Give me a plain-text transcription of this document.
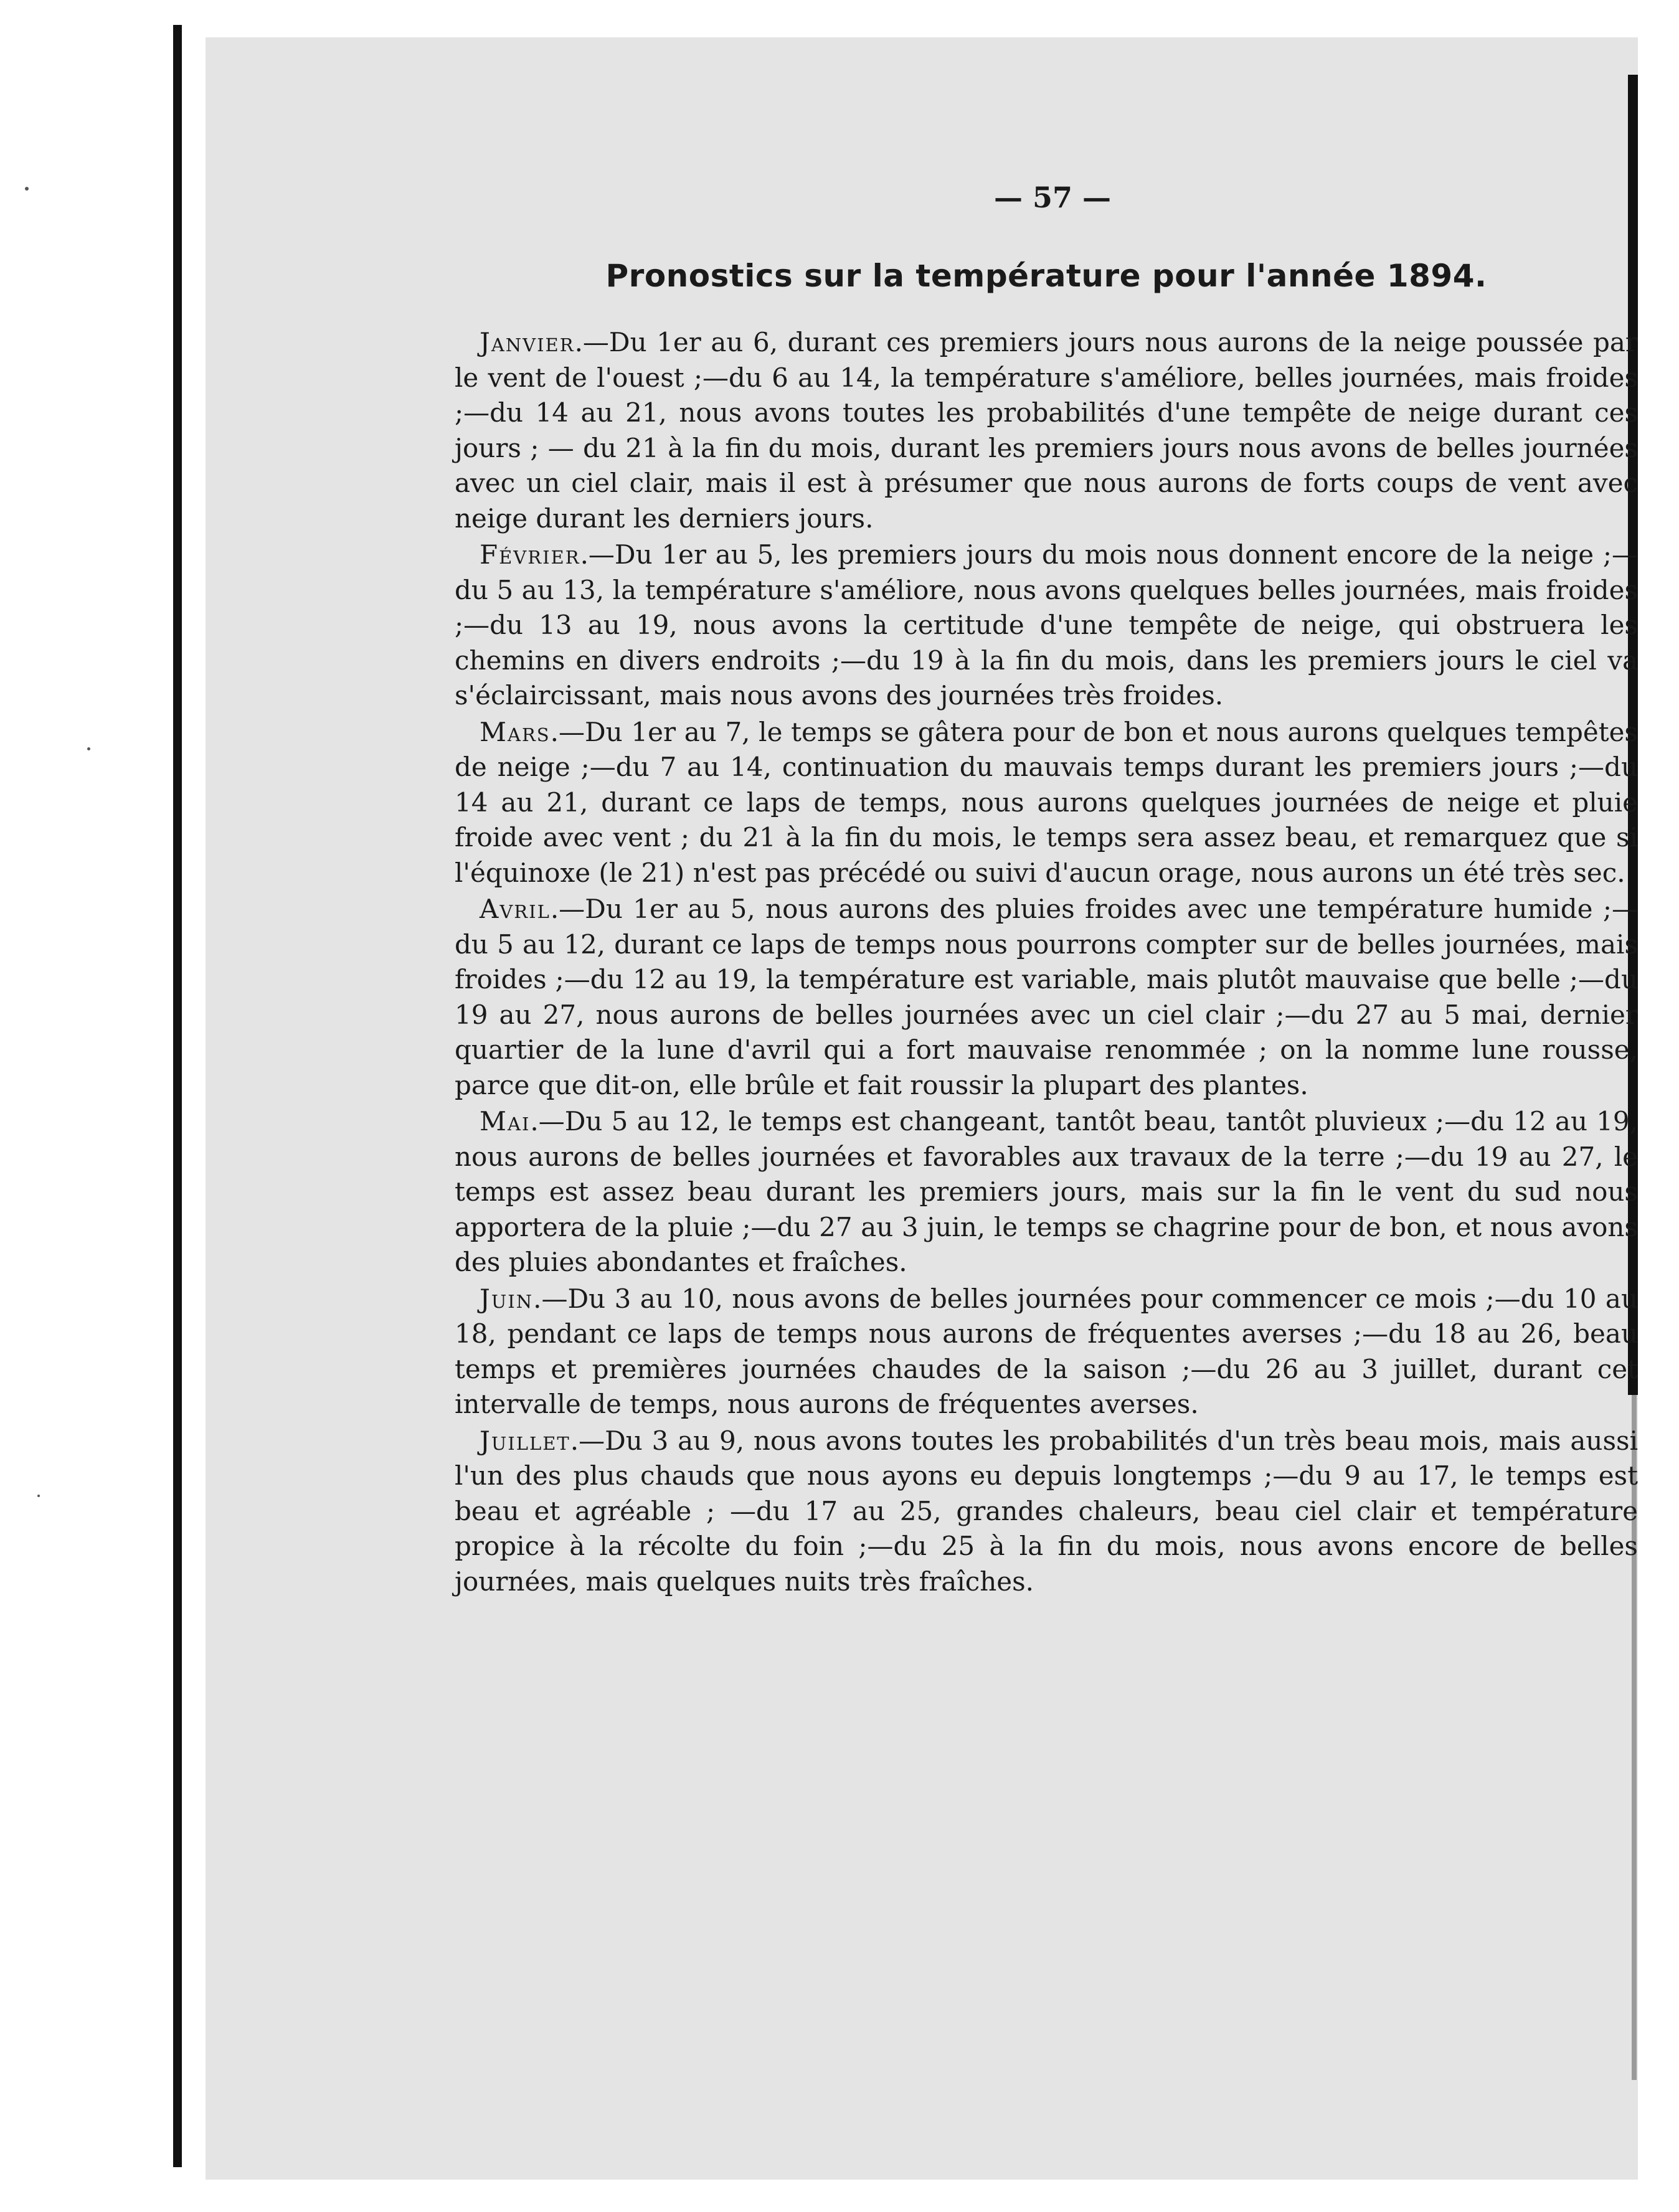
— 57 —
Pronostics sur la température pour l'année 1894.

Janvier.—Du 1er au 6, durant ces premiers jours nous aurons de la neige poussée par le vent de l'ouest ;—du 6 au 14, la température s'améliore, belles journées, mais froides ;—du 14 au 21, nous avons toutes les probabilités d'une tempête de neige durant ces jours ; — du 21 à la fin du mois, durant les premiers jours nous avons de belles journées avec un ciel clair, mais il est à présumer que nous aurons de forts coups de vent avec neige durant les derniers jours.

Février.—Du 1er au 5, les premiers jours du mois nous donnent encore de la neige ;—du 5 au 13, la température s'améliore, nous avons quelques belles journées, mais froides ;—du 13 au 19, nous avons la certitude d'une tempête de neige, qui obstruera les chemins en divers endroits ;—du 19 à la fin du mois, dans les premiers jours le ciel va s'éclaircissant, mais nous avons des journées très froides.

Mars.—Du 1er au 7, le temps se gâtera pour de bon et nous aurons quelques tempêtes de neige ;—du 7 au 14, continuation du mauvais temps durant les premiers jours ;—du 14 au 21, durant ce laps de temps, nous aurons quelques journées de neige et pluie froide avec vent ; du 21 à la fin du mois, le temps sera assez beau, et remarquez que si l'équinoxe (le 21) n'est pas précédé ou suivi d'aucun orage, nous aurons un été très sec.

Avril.—Du 1er au 5, nous aurons des pluies froides avec une température humide ;—du 5 au 12, durant ce laps de temps nous pourrons compter sur de belles journées, mais froides ;—du 12 au 19, la température est variable, mais plutôt mauvaise que belle ;—du 19 au 27, nous aurons de belles journées avec un ciel clair ;—du 27 au 5 mai, dernier quartier de la lune d'avril qui a fort mauvaise renommée ; on la nomme lune rousse, parce que dit-on, elle brûle et fait roussir la plupart des plantes.

Mai.—Du 5 au 12, le temps est changeant, tantôt beau, tantôt pluvieux ;—du 12 au 19, nous aurons de belles journées et favorables aux travaux de la terre ;—du 19 au 27, le temps est assez beau durant les premiers jours, mais sur la fin le vent du sud nous apportera de la pluie ;—du 27 au 3 juin, le temps se chagrine pour de bon, et nous avons des pluies abondantes et fraîches.

Juin.—Du 3 au 10, nous avons de belles journées pour commencer ce mois ;—du 10 au 18, pendant ce laps de temps nous aurons de fréquentes averses ;—du 18 au 26, beau temps et premières journées chaudes de la saison ;—du 26 au 3 juillet, durant cet intervalle de temps, nous aurons de fréquentes averses.

Juillet.—Du 3 au 9, nous avons toutes les probabilités d'un très beau mois, mais aussi l'un des plus chauds que nous ayons eu depuis longtemps ;—du 9 au 17, le temps est beau et agréable ; —du 17 au 25, grandes chaleurs, beau ciel clair et température propice à la récolte du foin ;—du 25 à la fin du mois, nous avons encore de belles journées, mais quelques nuits très fraîches.
